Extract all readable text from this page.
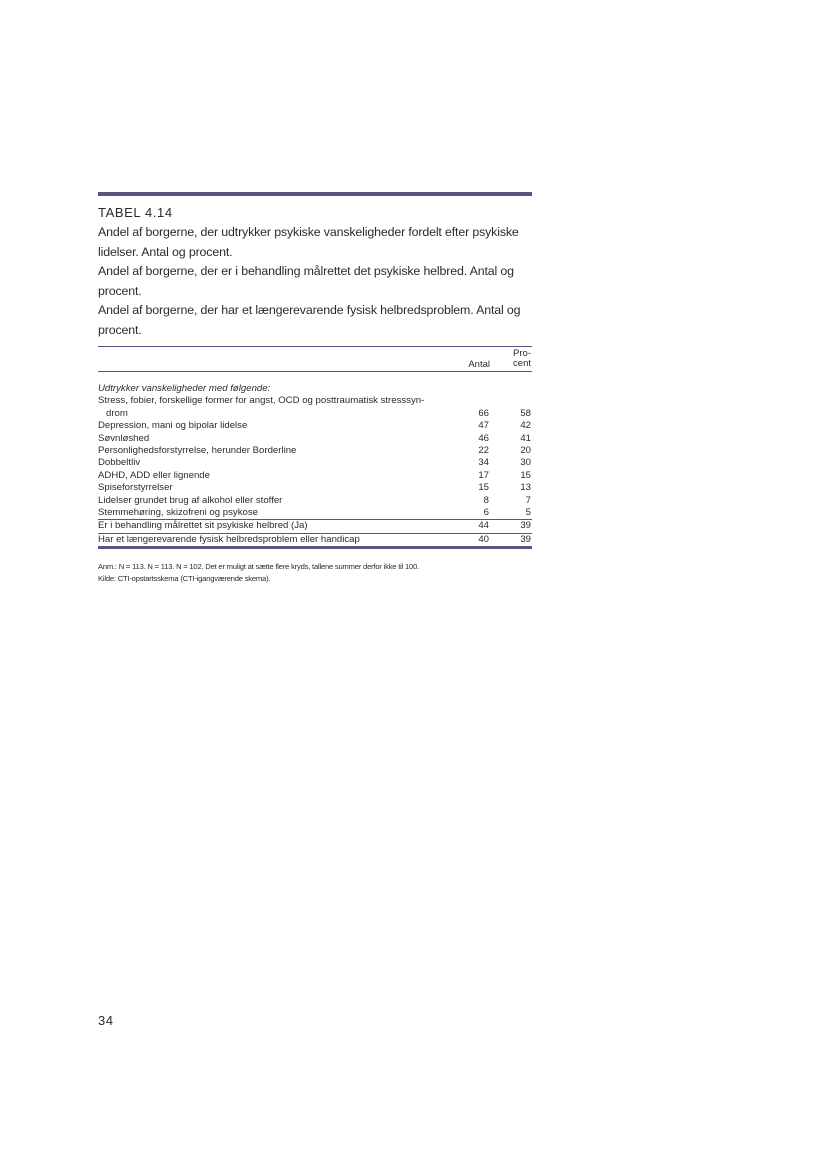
TABEL 4.14

Andel af borgerne, der udtrykker psykiske vanskeligheder fordelt efter psykiske lidelser. Antal og procent.

Andel af borgerne, der er i behandling målrettet det psykiske helbred. Antal og procent.

Andel af borgerne, der har et længerevarende fysisk helbredsproblem. Antal og procent.

Antal
Pro-
cent
Udtrykker vanskeligheder med følgende:
Stress, fobier, forskellige former for angst, OCD og posttraumatisk stresssyn-
drom	66	58
Depression, mani og bipolar lidelse	47	42
Søvnløshed	46	41
Personlighedsforstyrrelse, herunder Borderline	22	20
Dobbeltliv	34	30
ADHD, ADD eller lignende	17	15
Spiseforstyrrelser	15	13
Lidelser grundet brug af alkohol eller stoffer	8	7
Stemmehøring, skizofreni og psykose	6	5
Er i behandling målrettet sit psykiske helbred (Ja)	44	39
Har et længerevarende fysisk helbredsproblem eller handicap	40	39
Anm.: N = 113. N = 113. N = 102. Det er muligt at sætte flere kryds, tallene summer derfor ikke til 100.
Kilde: CTI-opstartsskema (CTI-igangværende skema).
34
